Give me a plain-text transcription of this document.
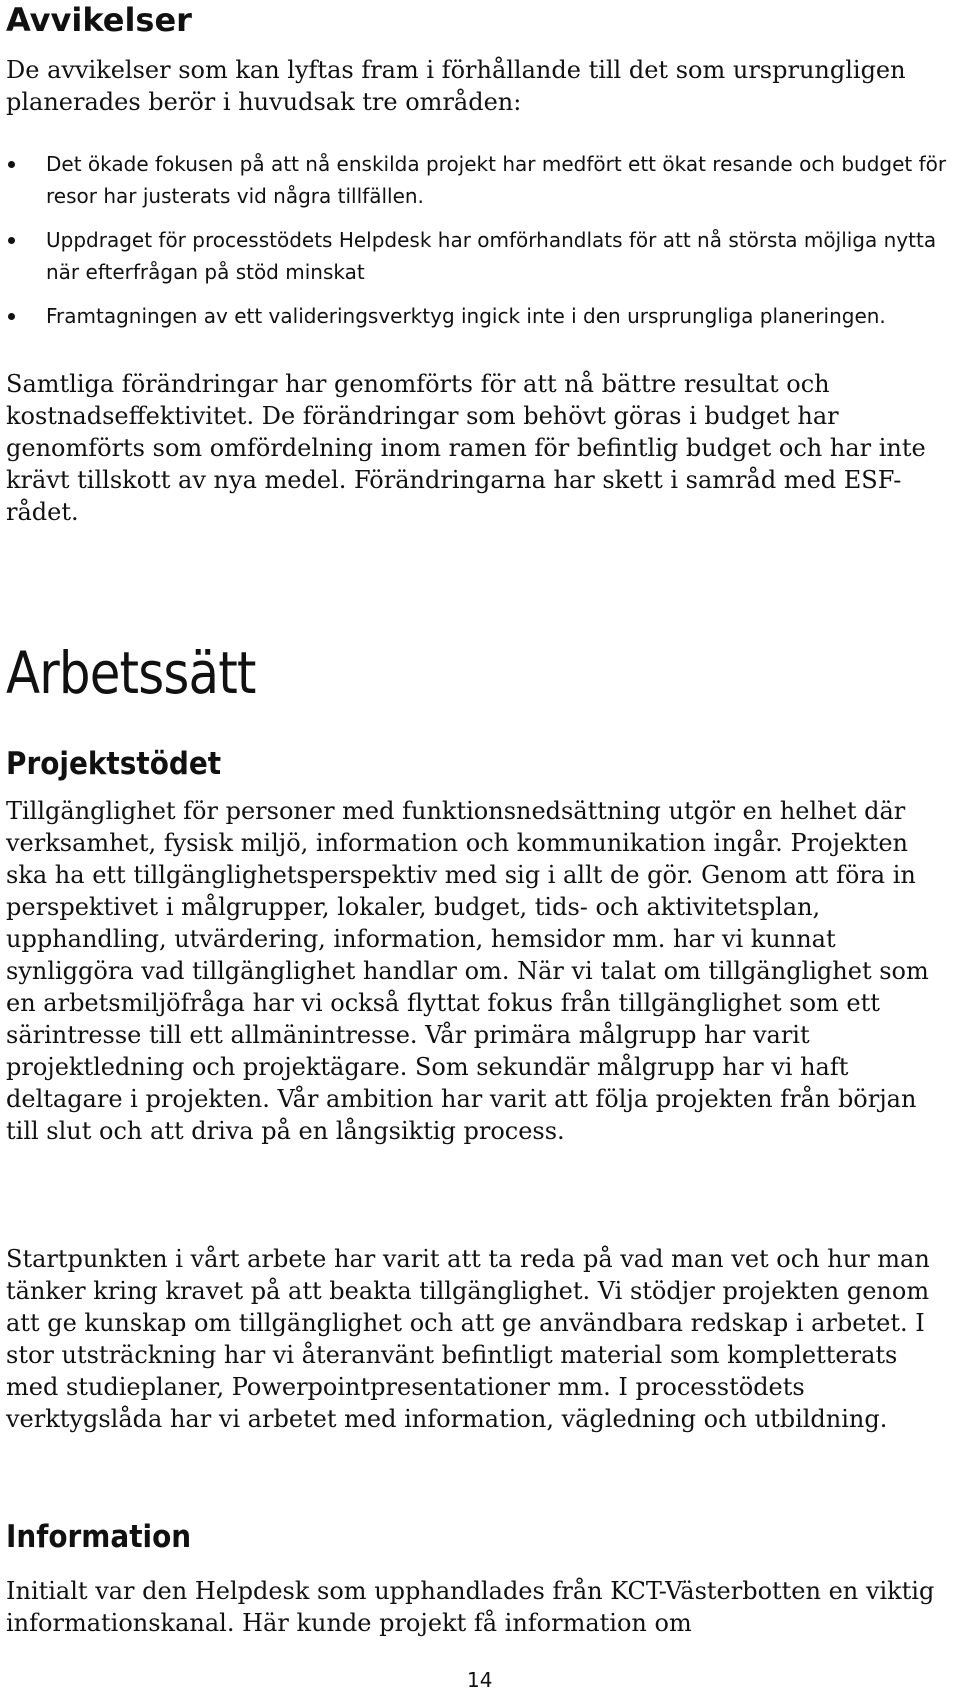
Avvikelser

De avvikelser som kan lyftas fram i förhållande till det som ursprungligen planerades berör i huvudsak tre områden:

Det ökade fokusen på att nå enskilda projekt har medfört ett ökat resande och budget för resor har justerats vid några tillfällen.
Uppdraget för processtödets Helpdesk har omförhandlats för att nå största möjliga nytta när efterfrågan på stöd minskat
Framtagningen av ett valideringsverktyg ingick inte i den ursprungliga planeringen.

Samtliga förändringar har genomförts för att nå bättre resultat och kostnadseffektivitet. De förändringar som behövt göras i budget har genomförts som omfördelning inom ramen för befintlig budget och har inte krävt tillskott av nya medel. Förändringarna har skett i samråd med ESF-rådet.

Arbetssätt
Projektstödet

Tillgänglighet för personer med funktionsnedsättning utgör en helhet där verksamhet, fysisk miljö, information och kommunikation ingår. Projekten ska ha ett tillgänglighetsperspektiv med sig i allt de gör. Genom att föra in perspektivet i målgrupper, lokaler, budget, tids- och aktivitetsplan, upphandling, utvärdering, information, hemsidor mm. har vi kunnat synliggöra vad tillgänglighet handlar om. När vi talat om tillgänglighet som en arbetsmiljöfråga har vi också flyttat fokus från tillgänglighet som ett särintresse till ett allmänintresse. Vår primära målgrupp har varit projektledning och projektägare. Som sekundär målgrupp har vi haft deltagare i projekten. Vår ambition har varit att följa projekten från början till slut och att driva på en långsiktig process.

Startpunkten i vårt arbete har varit att ta reda på vad man vet och hur man tänker kring kravet på att beakta tillgänglighet. Vi stödjer projekten genom att ge kunskap om tillgänglighet och att ge användbara redskap i arbetet. I stor utsträckning har vi återanvänt befintligt material som kompletterats med studieplaner, Powerpointpresentationer mm. I processtödets verktygslåda har vi arbetet med information, vägledning och utbildning.

Information

Initialt var den Helpdesk som upphandlades från KCT-Västerbotten en viktig informationskanal. Här kunde projekt få information om

14
